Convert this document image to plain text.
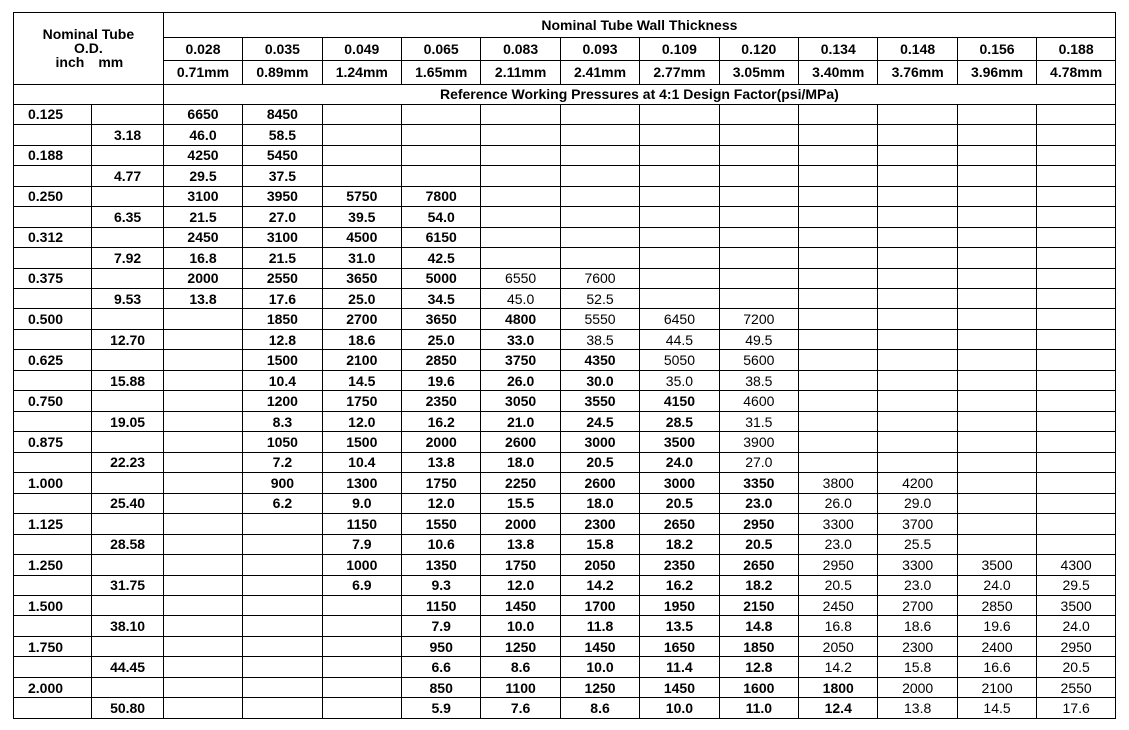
Nominal Tube
O.D.
inch mm		Nominal Tube Wall Thickness											
		0.028	0.035	0.049	0.065	0.083	0.093	0.109	0.120	0.134	0.148	0.156	0.188
		0.71mm	0.89mm	1.24mm	1.65mm	2.11mm	2.41mm	2.77mm	3.05mm	3.40mm	3.76mm	3.96mm	4.78mm
		Reference Working Pressures at 4:1 Design Factor(psi/MPa)											
0.125		6650	8450										
	3.18	46.0	58.5										
0.188		4250	5450										
	4.77	29.5	37.5										
0.250		3100	3950	5750	7800								
	6.35	21.5	27.0	39.5	54.0								
0.312		2450	3100	4500	6150								
	7.92	16.8	21.5	31.0	42.5								
0.375		2000	2550	3650	5000	6550	7600						
	9.53	13.8	17.6	25.0	34.5	45.0	52.5						
0.500			1850	2700	3650	4800	5550	6450	7200				
	12.70		12.8	18.6	25.0	33.0	38.5	44.5	49.5				
0.625			1500	2100	2850	3750	4350	5050	5600				
	15.88		10.4	14.5	19.6	26.0	30.0	35.0	38.5				
0.750			1200	1750	2350	3050	3550	4150	4600				
	19.05		8.3	12.0	16.2	21.0	24.5	28.5	31.5				
0.875			1050	1500	2000	2600	3000	3500	3900				
	22.23		7.2	10.4	13.8	18.0	20.5	24.0	27.0				
1.000			900	1300	1750	2250	2600	3000	3350	3800	4200		
	25.40		6.2	9.0	12.0	15.5	18.0	20.5	23.0	26.0	29.0		
1.125				1150	1550	2000	2300	2650	2950	3300	3700		
	28.58			7.9	10.6	13.8	15.8	18.2	20.5	23.0	25.5		
1.250				1000	1350	1750	2050	2350	2650	2950	3300	3500	4300
	31.75			6.9	9.3	12.0	14.2	16.2	18.2	20.5	23.0	24.0	29.5
1.500					1150	1450	1700	1950	2150	2450	2700	2850	3500
	38.10				7.9	10.0	11.8	13.5	14.8	16.8	18.6	19.6	24.0
1.750					950	1250	1450	1650	1850	2050	2300	2400	2950
	44.45				6.6	8.6	10.0	11.4	12.8	14.2	15.8	16.6	20.5
2.000					850	1100	1250	1450	1600	1800	2000	2100	2550
	50.80				5.9	7.6	8.6	10.0	11.0	12.4	13.8	14.5	17.6
